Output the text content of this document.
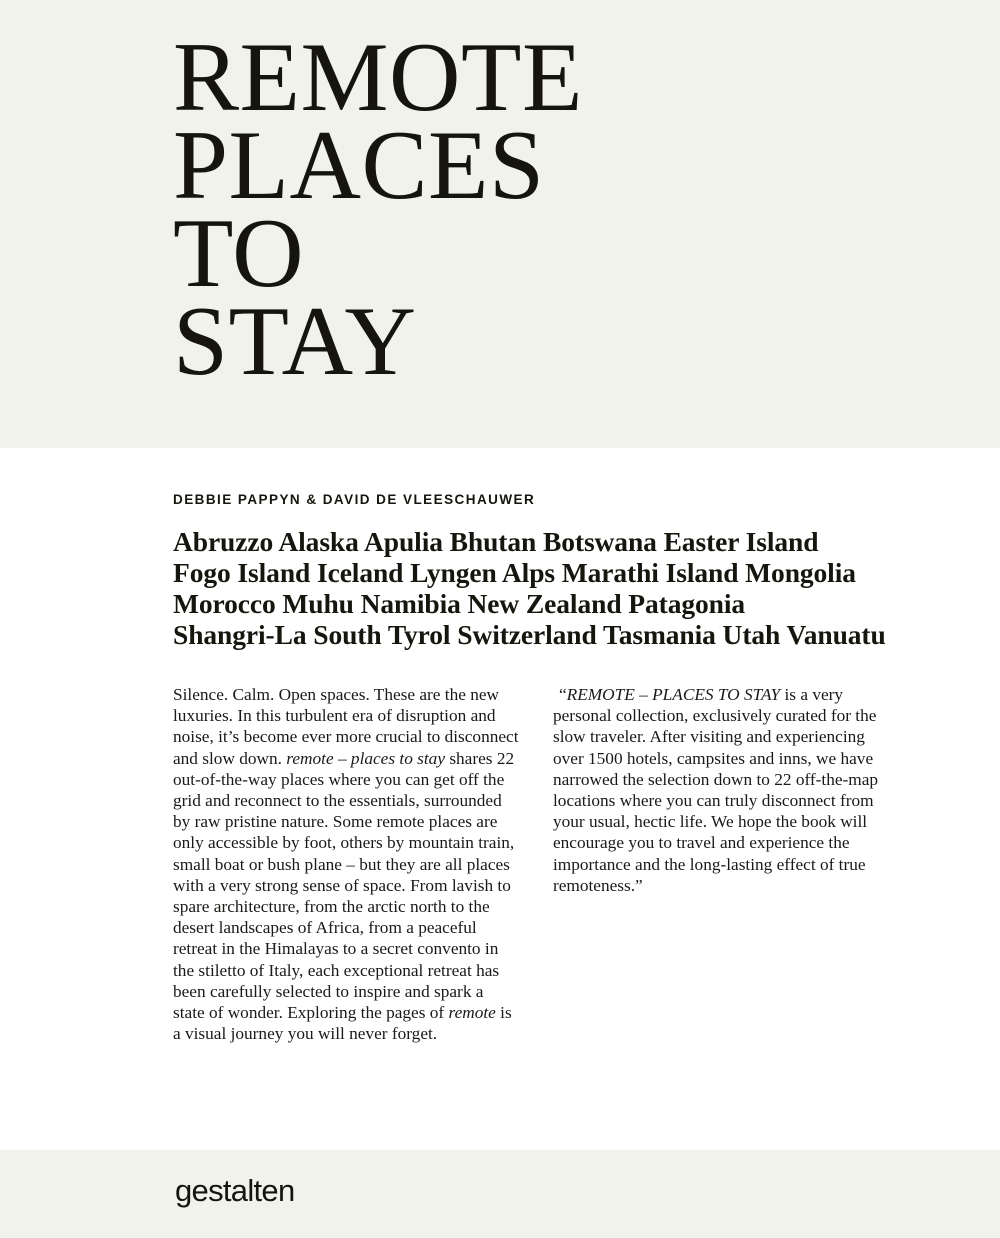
REMOTE
PLACES
TO
STAY
DEBBIE PAPPYN & DAVID DE VLEESCHAUWER
Abruzzo Alaska Apulia Bhutan Botswana Easter Island
Fogo Island Iceland Lyngen Alps Marathi Island Mongolia
Morocco Muhu Namibia New Zealand Patagonia
Shangri-La South Tyrol Switzerland Tasmania Utah Vanuatu

Silence. Calm. Open spaces. These are the new luxuries. In this turbulent era of disruption and noise, it’s become ever more crucial to disconnect and slow down. remote – places to stay shares 22 out-of-the-way places where you can get off the grid and reconnect to the essentials, surrounded by raw pristine nature. Some remote places are only accessible by foot, others by mountain train, small boat or bush plane – but they are all places with a very strong sense of space. From lavish to spare architecture, from the arctic north to the desert landscapes of Africa, from a peaceful retreat in the Himalayas to a secret convento in the stiletto of Italy, each exceptional retreat has been carefully selected to inspire and spark a state of wonder. Exploring the pages of remote is a visual journey you will never forget.

“REMOTE – PLACES TO STAY is a very personal collection, exclusively curated for the slow traveler. After visiting and experiencing over 1500 hotels, campsites and inns, we have narrowed the selection down to 22 off-the-map locations where you can truly disconnect from your usual, hectic life. We hope the book will encourage you to travel and experience the importance and the long-lasting effect of true remoteness.”

gestalten
